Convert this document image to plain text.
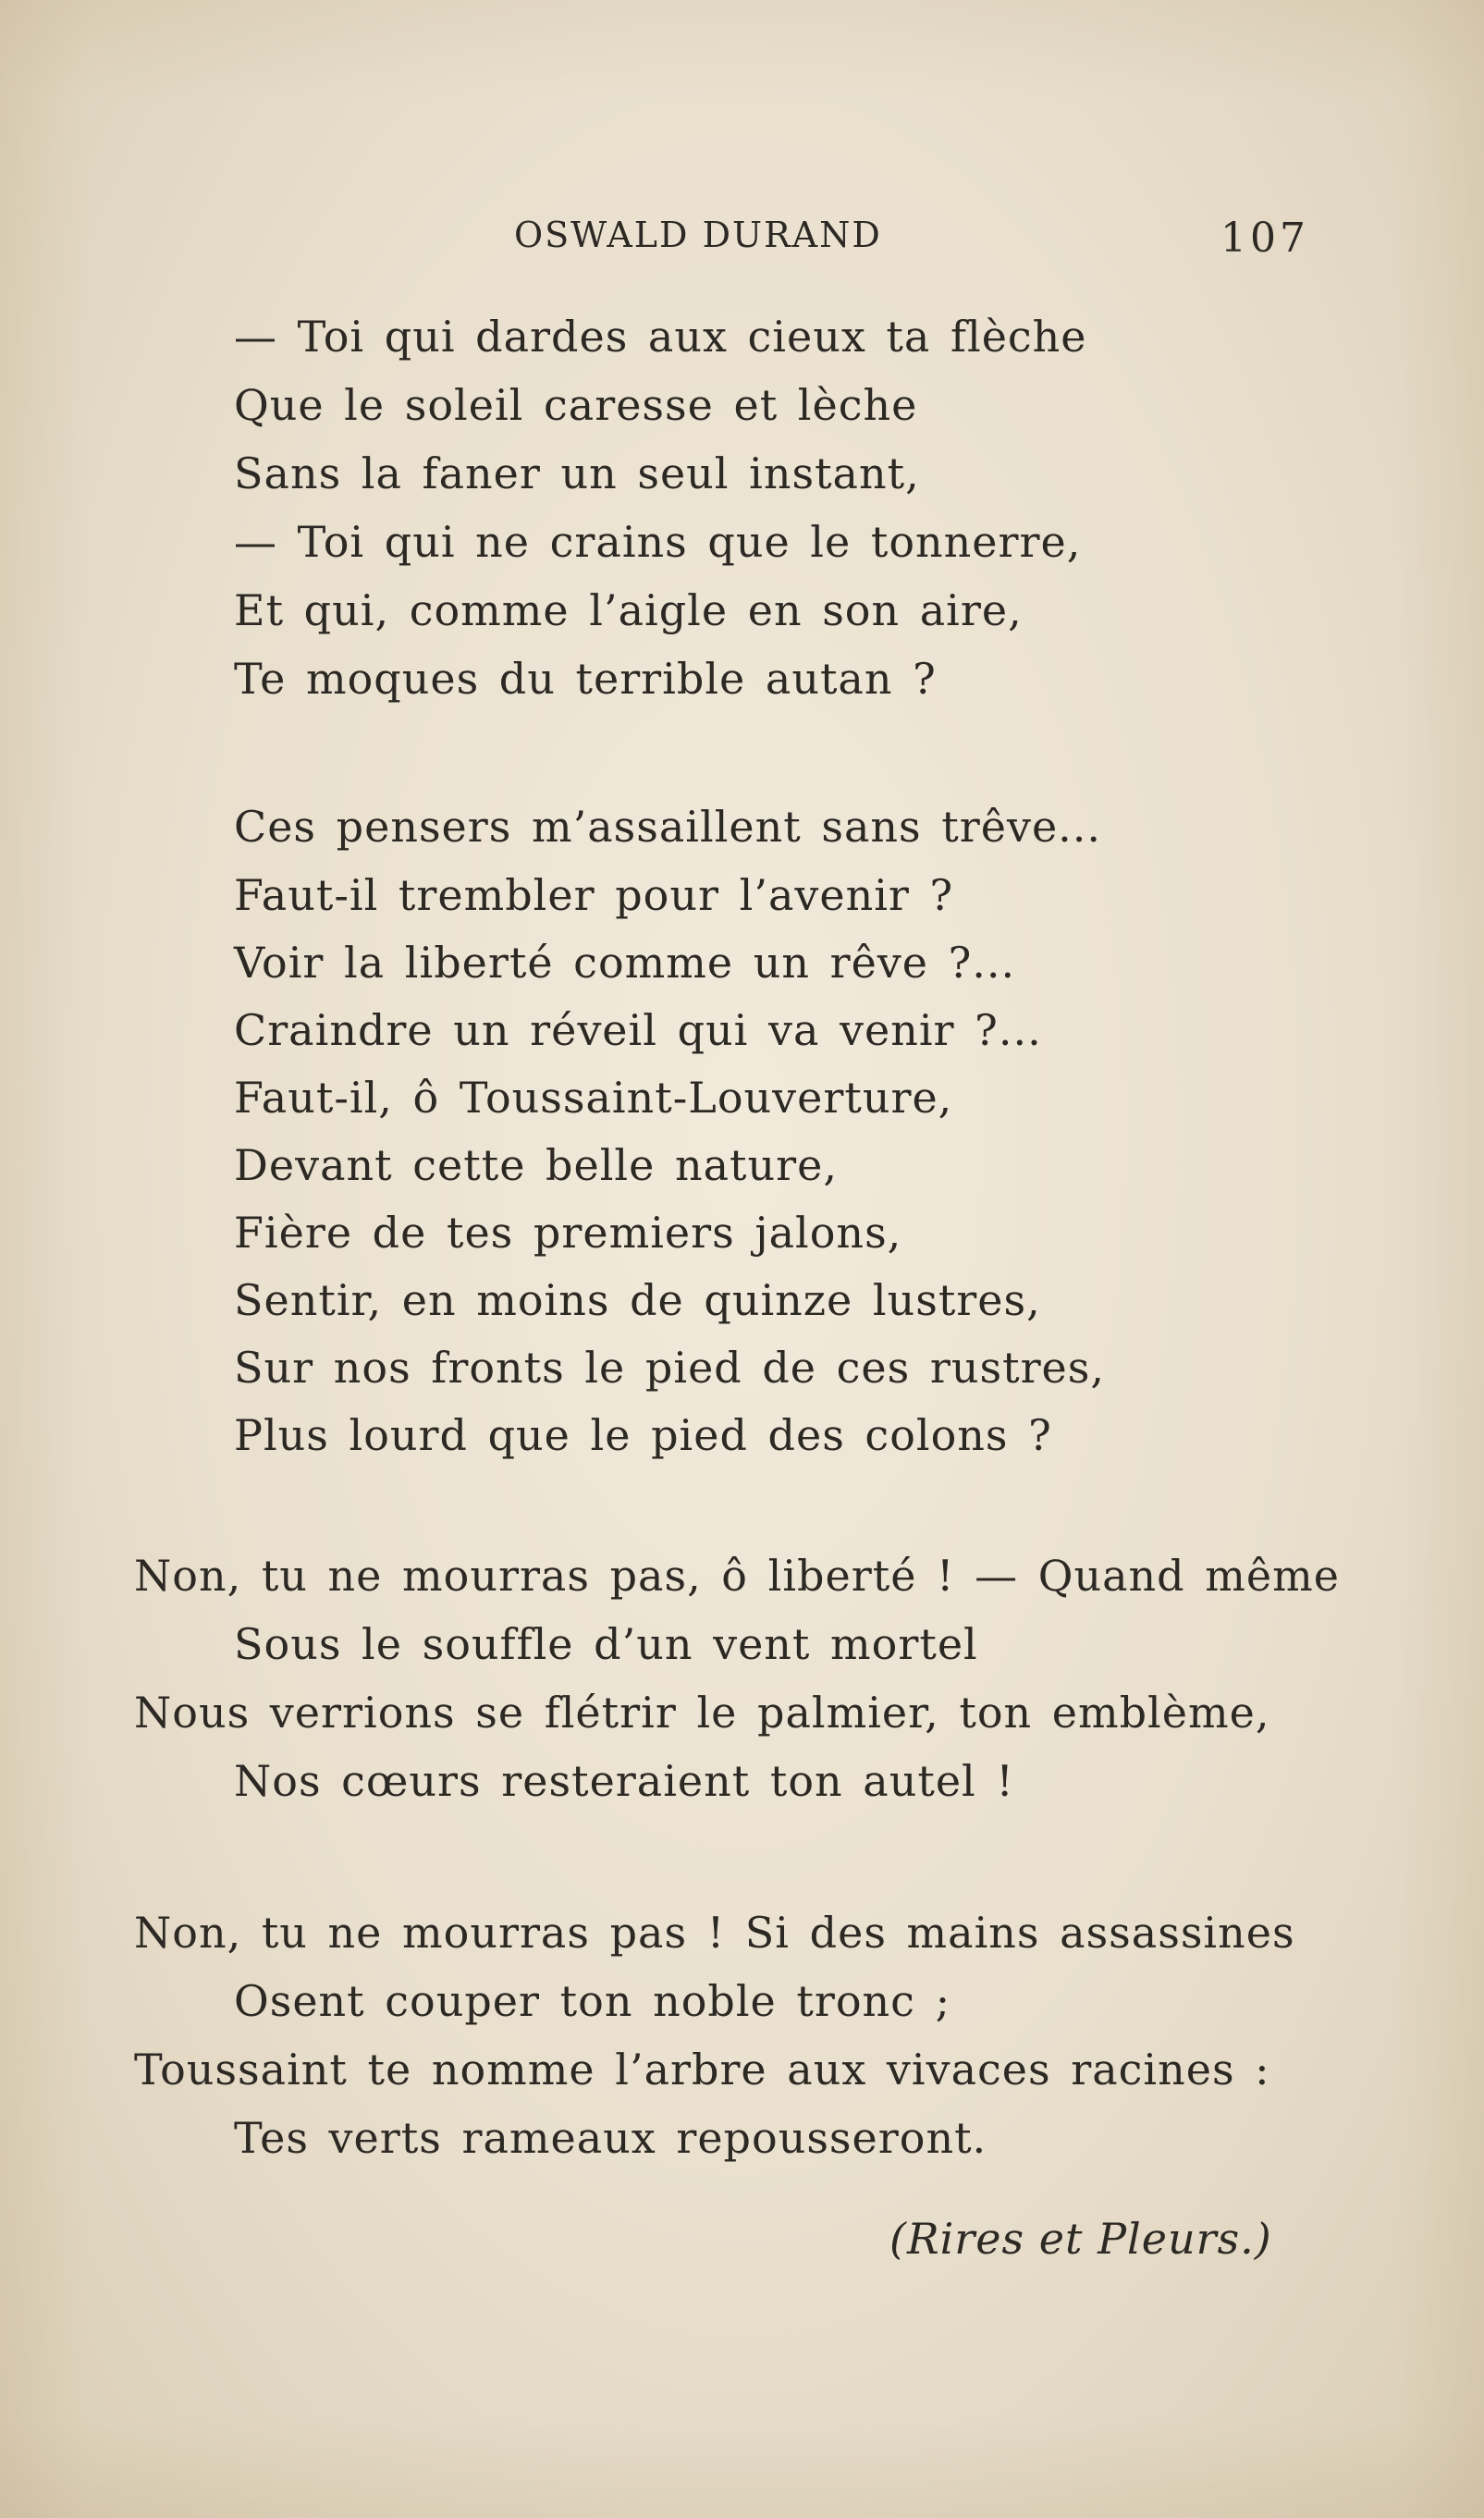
OSWALD DURAND	107
— Toi qui dardes aux cieux ta flèche
Que le soleil caresse et lèche
Sans la faner un seul instant,
— Toi qui ne crains que le tonnerre,
Et qui, comme l’aigle en son aire,
Te moques du terrible autan ?
Ces pensers m’assaillent sans trêve...
Faut-il trembler pour l’avenir ?
Voir la liberté comme un rêve ?...
Craindre un réveil qui va venir ?...
Faut-il, ô Toussaint-Louverture,
Devant cette belle nature,
Fière de tes premiers jalons,
Sentir, en moins de quinze lustres,
Sur nos fronts le pied de ces rustres,
Plus lourd que le pied des colons ?
Non, tu ne mourras pas, ô liberté ! — Quand même
Sous le souffle d’un vent mortel
Nous verrions se flétrir le palmier, ton emblème,
Nos cœurs resteraient ton autel !
Non, tu ne mourras pas ! Si des mains assassines
Osent couper ton noble tronc ;
Toussaint te nomme l’arbre aux vivaces racines :
Tes verts rameaux repousseront.
(Rires et Pleurs.)
